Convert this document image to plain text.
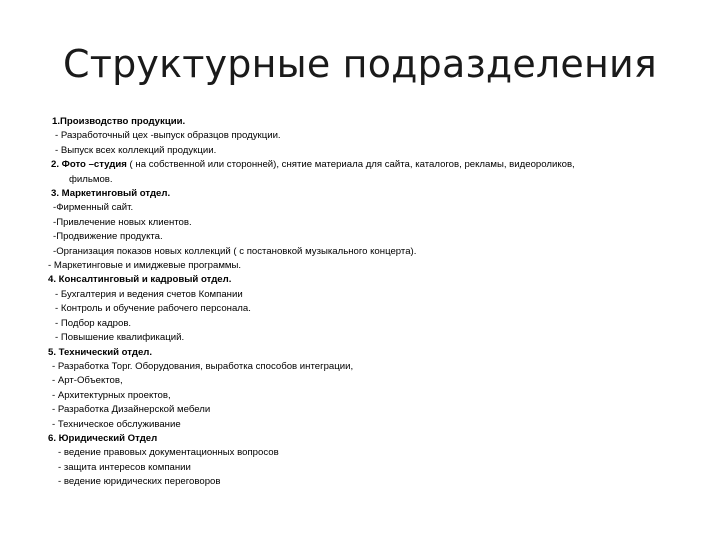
Структурные подразделения
1.Производство продукции.
- Разработочный цех -выпуск образцов продукции.
- Выпуск всех коллекций продукции.
2. Фото –студия ( на собственной или сторонней), снятие материала для сайта, каталогов, рекламы, видеороликов,
фильмов.
3. Маркетинговый отдел.
-Фирменный сайт.
-Привлечение новых клиентов.
-Продвижение продукта.
-Организация показов новых коллекций ( с постановкой музыкального концерта).
- Маркетинговые и имиджевые программы.
4. Консалтинговый и кадровый отдел.
- Бухгалтерия и ведения счетов Компании
- Контроль и обучение рабочего персонала.
- Подбор кадров.
- Повышение квалификаций.
5. Технический отдел.
- Разработка Торг. Оборудования, выработка способов интеграции,
- Арт-Объектов,
- Архитектурных проектов,
- Разработка Дизайнерской мебели
- Техническое обслуживание
6. Юридический Отдел
- ведение правовых документационных вопросов
- защита интересов компании
- ведение юридических переговоров
